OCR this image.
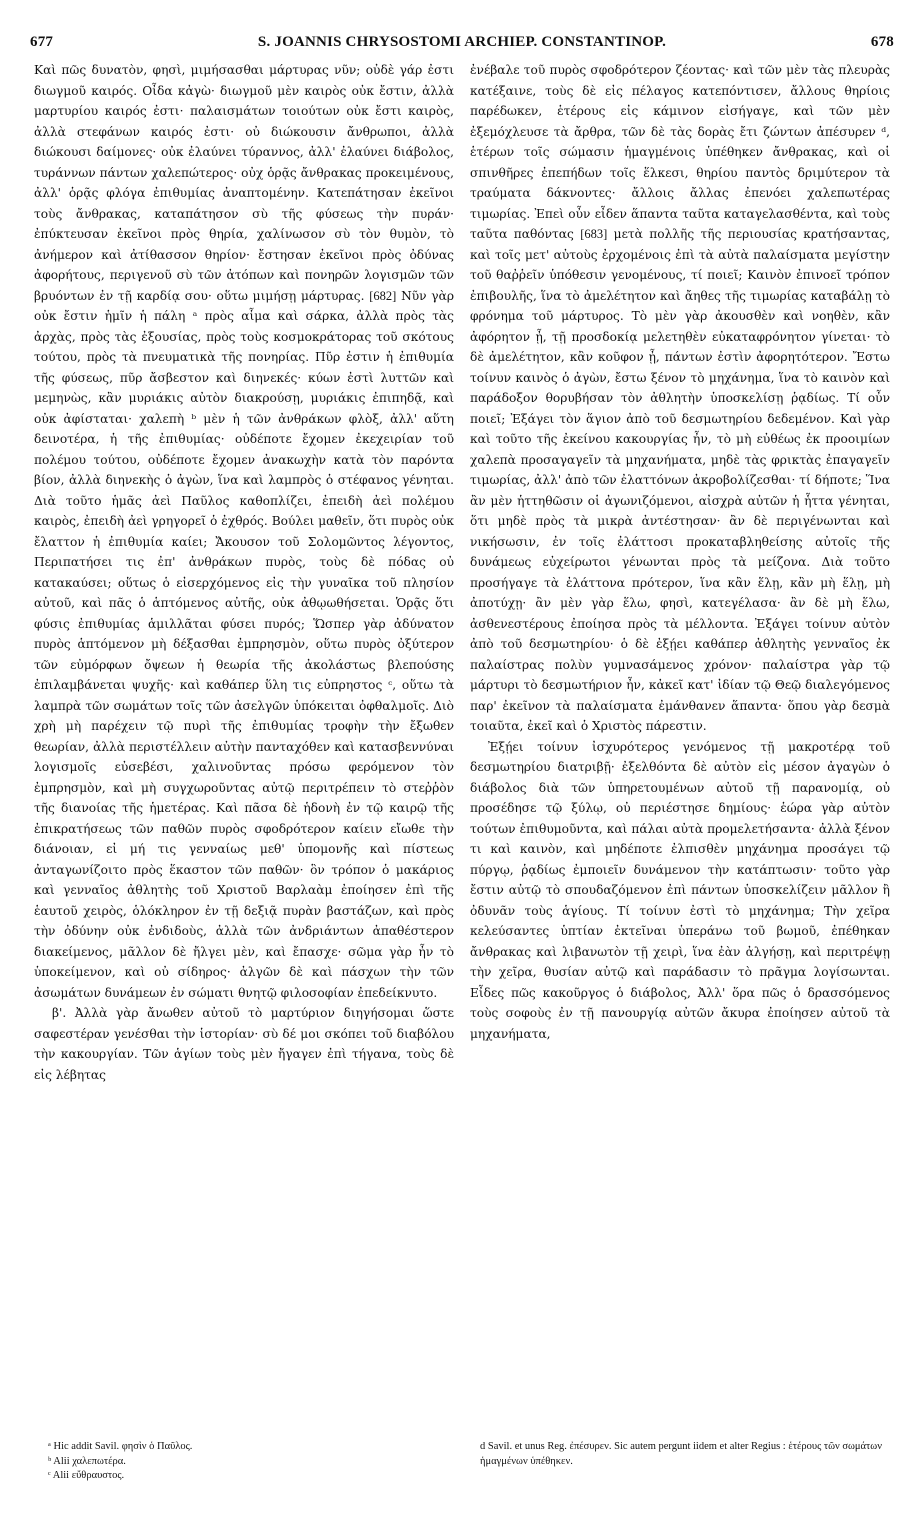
677	S. JOANNIS CHRYSOSTOMI ARCHIEP. CONSTANTINOP.	678

Καὶ πῶς δυνατὸν, φησὶ, μιμήσασθαι μάρτυρας νῦν; οὐδὲ γάρ ἐστι διωγμοῦ καιρός. Οἶδα κἀγὼ· διωγμοῦ μὲν καιρὸς οὐκ ἔστιν, ἀλλὰ μαρτυρίου καιρός ἐστι· παλαισμάτων τοιούτων οὐκ ἔστι καιρὸς, ἀλλὰ στεφάνων καιρός ἐστι· οὐ διώκουσιν ἄνθρωποι, ἀλλὰ διώκουσι δαίμονες· οὐκ ἐλαύνει τύραννος, ἀλλ' ἐλαύνει διάβολος, τυράννων πάντων χαλεπώτερος· οὐχ ὁρᾷς ἄνθρακας προκειμένους, ἀλλ' ὁρᾷς φλόγα ἐπιθυμίας ἀναπτομένην. Κατεπάτησαν ἐκεῖνοι τοὺς ἄνθρακας, καταπάτησον σὺ τῆς φύσεως τὴν πυράν· ἐπύκτευσαν ἐκεῖνοι πρὸς θηρία, χαλίνωσον σὺ τὸν θυμὸν, τὸ ἀνήμερον καὶ ἀτίθασσον θηρίον· ἔστησαν ἐκεῖνοι πρὸς ὀδύνας ἀφορήτους, περιγενοῦ σὺ τῶν ἀτόπων καὶ πονηρῶν λογισμῶν τῶν βρυόντων ἐν τῇ καρδίᾳ σου· οὕτω μιμήσῃ μάρτυρας. [682] Νῦν γὰρ οὐκ ἔστιν ἡμῖν ἡ πάλη ᵃ πρὸς αἷμα καὶ σάρκα, ἀλλὰ πρὸς τὰς ἀρχὰς, πρὸς τὰς ἐξουσίας, πρὸς τοὺς κοσμοκράτορας τοῦ σκότους τούτου, πρὸς τὰ πνευματικὰ τῆς πονηρίας. Πῦρ ἐστιν ἡ ἐπιθυμία τῆς φύσεως, πῦρ ἄσβεστον καὶ διηνεκές· κύων ἐστὶ λυττῶν καὶ μεμηνὼς, κἂν μυριάκις αὐτὸν διακρούσῃ, μυριάκις ἐπιπηδᾷ, καὶ οὐκ ἀφίσταται· χαλεπὴ ᵇ μὲν ἡ τῶν ἀνθράκων φλὸξ, ἀλλ' αὕτη δεινοτέρα, ἡ τῆς ἐπιθυμίας· οὐδέποτε ἔχομεν ἐκεχειρίαν τοῦ πολέμου τούτου, οὐδέποτε ἔχομεν ἀνακωχὴν κατὰ τὸν παρόντα βίον, ἀλλὰ διηνεκὴς ὁ ἀγὼν, ἵνα καὶ λαμπρὸς ὁ στέφανος γένηται. Διὰ τοῦτο ἡμᾶς ἀεὶ Παῦλος καθοπλίζει, ἐπειδὴ ἀεὶ πολέμου καιρὸς, ἐπειδὴ ἀεὶ γρηγορεῖ ὁ ἐχθρός. Βούλει μαθεῖν, ὅτι πυρὸς οὐκ ἔλαττον ἡ ἐπιθυμία καίει; Ἄκουσον τοῦ Σολομῶντος λέγοντος, Περιπατήσει τις ἐπ' ἀνθράκων πυρὸς, τοὺς δὲ πόδας οὐ κατακαύσει; οὕτως ὁ εἰσερχόμενος εἰς τὴν γυναῖκα τοῦ πλησίον αὐτοῦ, καὶ πᾶς ὁ ἁπτόμενος αὐτῆς, οὐκ ἀθῳωθήσεται. Ὁρᾷς ὅτι φύσις ἐπιθυμίας ἁμιλλᾶται φύσει πυρός; Ὥσπερ γὰρ ἀδύνατον πυρὸς ἁπτόμενον μὴ δέξασθαι ἐμπρησμὸν, οὕτω πυρὸς ὀξύτερον τῶν εὐμόρφων ὄψεων ἡ θεωρία τῆς ἀκολάστως βλεπούσης ἐπιλαμβάνεται ψυχῆς· καὶ καθάπερ ὕλη τις εὐπρηστος ᶜ, οὕτω τὰ λαμπρὰ τῶν σωμάτων τοῖς τῶν ἀσελγῶν ὑπόκειται ὀφθαλμοῖς. Διὸ χρὴ μὴ παρέχειν τῷ πυρὶ τῆς ἐπιθυμίας τροφὴν τὴν ἔξωθεν θεωρίαν, ἀλλὰ περιστέλλειν αὐτὴν πανταχόθεν καὶ κατασβεννύναι λογισμοῖς εὐσεβέσι, χαλινοῦντας πρόσω φερόμενον τὸν ἐμπρησμὸν, καὶ μὴ συγχωροῦντας αὐτῷ περιτρέπειν τὸ στεῤῥὸν τῆς διανοίας τῆς ἡμετέρας. Καὶ πᾶσα δὲ ἡδονὴ ἐν τῷ καιρῷ τῆς ἐπικρατήσεως τῶν παθῶν πυρὸς σφοδρότερον καίειν εἴωθε τὴν διάνοιαν, εἰ μή τις γενναίως μεθ' ὑπομονῆς καὶ πίστεως ἀνταγωνίζοιτο πρὸς ἕκαστον τῶν παθῶν· ὃν τρόπον ὁ μακάριος καὶ γενναῖος ἀθλητὴς τοῦ Χριστοῦ Βαρλαὰμ ἐποίησεν ἐπὶ τῆς ἑαυτοῦ χειρὸς, ὁλόκληρον ἐν τῇ δεξιᾷ πυρὰν βαστάζων, καὶ πρὸς τὴν ὀδύνην οὐκ ἐνδιδοὺς, ἀλλὰ τῶν ἀνδριάντων ἀπαθέστερον διακείμενος, μᾶλλον δὲ ἤλγει μὲν, καὶ ἔπασχε· σῶμα γὰρ ἦν τὸ ὑποκείμενον, καὶ οὐ σίδηρος· ἀλγῶν δὲ καὶ πάσχων τὴν τῶν ἀσωμάτων δυνάμεων ἐν σώματι θνητῷ φιλοσοφίαν ἐπεδείκνυτο.

β'. Ἀλλὰ γὰρ ἄνωθεν αὐτοῦ τὸ μαρτύριον διηγήσομαι ὥστε σαφεστέραν γενέσθαι τὴν ἱστορίαν· σὺ δέ μοι σκόπει τοῦ διαβόλου τὴν κακουργίαν. Τῶν ἁγίων τοὺς μὲν ἤγαγεν ἐπὶ τήγανα, τοὺς δὲ εἰς λέβητας

ἐνέβαλε τοῦ πυρὸς σφοδρότερον ζέοντας· καὶ τῶν μὲν τὰς πλευρὰς κατέξαινε, τοὺς δὲ εἰς πέλαγος κατεπόντισεν, ἄλλους θηρίοις παρέδωκεν, ἑτέρους εἰς κάμινον εἰσήγαγε, καὶ τῶν μὲν ἐξεμόχλευσε τὰ ἄρθρα, τῶν δὲ τὰς δορὰς ἔτι ζώντων ἀπέσυρεν ᵈ, ἑτέρων τοῖς σώμασιν ἡμαγμένοις ὑπέθηκεν ἄνθρακας, καὶ οἱ σπινθῆρες ἐπεπήδων τοῖς ἕλκεσι, θηρίου παντὸς δριμύτερον τὰ τραύματα δάκνοντες· ἄλλοις ἄλλας ἐπενόει χαλεπωτέρας τιμωρίας. Ἐπεὶ οὖν εἶδεν ἅπαντα ταῦτα καταγελασθέντα, καὶ τοὺς ταῦτα παθόντας [683] μετὰ πολλῆς τῆς περιουσίας κρατήσαντας, καὶ τοῖς μετ' αὐτοὺς ἐρχομένοις ἐπὶ τὰ αὐτὰ παλαίσματα μεγίστην τοῦ θαῤῥεῖν ὑπόθεσιν γενομένους, τί ποιεῖ; Καινὸν ἐπινοεῖ τρόπον ἐπιβουλῆς, ἵνα τὸ ἀμελέτητον καὶ ἄηθες τῆς τιμωρίας καταβάλῃ τὸ φρόνημα τοῦ μάρτυρος. Τὸ μὲν γὰρ ἀκουσθὲν καὶ νοηθὲν, κἂν ἀφόρητον ᾖ, τῇ προσδοκίᾳ μελετηθὲν εὐκαταφρόνητον γίνεται· τὸ δὲ ἀμελέτητον, κἂν κοῦφον ᾖ, πάντων ἐστὶν ἀφορητότερον. Ἔστω τοίνυν καινὸς ὁ ἀγὼν, ἔστω ξένον τὸ μηχάνημα, ἵνα τὸ καινὸν καὶ παράδοξον θορυβήσαν τὸν ἀθλητὴν ὑποσκελίσῃ ῥᾳδίως. Τί οὖν ποιεῖ; Ἐξάγει τὸν ἅγιον ἀπὸ τοῦ δεσμωτηρίου δεδεμένον. Καὶ γὰρ καὶ τοῦτο τῆς ἐκείνου κακουργίας ἦν, τὸ μὴ εὐθέως ἐκ προοιμίων χαλεπὰ προσαγαγεῖν τὰ μηχανήματα, μηδὲ τὰς φρικτὰς ἐπαγαγεῖν τιμωρίας, ἀλλ' ἀπὸ τῶν ἐλαττόνων ἀκροβολίζεσθαι· τί δήποτε; Ἵνα ἂν μὲν ἡττηθῶσιν οἱ ἀγωνιζόμενοι, αἰσχρὰ αὐτῶν ἡ ἧττα γένηται, ὅτι μηδὲ πρὸς τὰ μικρὰ ἀντέστησαν· ἂν δὲ περιγένωνται καὶ νικήσωσιν, ἐν τοῖς ἐλάττοσι προκαταβληθείσης αὐτοῖς τῆς δυνάμεως εὐχείρωτοι γένωνται πρὸς τὰ μείζονα. Διὰ τοῦτο προσήγαγε τὰ ἐλάττονα πρότερον, ἵνα κἂν ἕλῃ, κἂν μὴ ἕλῃ, μὴ ἀποτύχῃ· ἂν μὲν γὰρ ἕλω, φησὶ, κατεγέλασα· ἂν δὲ μὴ ἕλω, ἀσθενεστέρους ἐποίησα πρὸς τὰ μέλλοντα. Ἐξάγει τοίνυν αὐτὸν ἀπὸ τοῦ δεσμωτηρίου· ὁ δὲ ἐξῄει καθάπερ ἀθλητὴς γενναῖος ἐκ παλαίστρας πολὺν γυμνασάμενος χρόνον· παλαίστρα γὰρ τῷ μάρτυρι τὸ δεσμωτήριον ἦν, κἀκεῖ κατ' ἰδίαν τῷ Θεῷ διαλεγόμενος παρ' ἐκεῖνον τὰ παλαίσματα ἐμάνθανεν ἅπαντα· ὅπου γὰρ δεσμὰ τοιαῦτα, ἐκεῖ καὶ ὁ Χριστὸς πάρεστιν.

Ἐξῄει τοίνυν ἰσχυρότερος γενόμενος τῇ μακροτέρᾳ τοῦ δεσμωτηρίου διατριβῇ· ἐξελθόντα δὲ αὐτὸν εἰς μέσον ἀγαγὼν ὁ διάβολος διὰ τῶν ὑπηρετουμένων αὐτοῦ τῇ παρανομίᾳ, οὐ προσέδησε τῷ ξύλῳ, οὐ περιέστησε δημίους· ἑώρα γὰρ αὐτὸν τούτων ἐπιθυμοῦντα, καὶ πάλαι αὐτὰ προμελετήσαντα· ἀλλὰ ξένον τι καὶ καινὸν, καὶ μηδέποτε ἐλπισθὲν μηχάνημα προσάγει τῷ πύργῳ, ῥᾳδίως ἐμποιεῖν δυνάμενον τὴν κατάπτωσιν· τοῦτο γὰρ ἔστιν αὐτῷ τὸ σπουδαζόμενον ἐπὶ πάντων ὑποσκελίζειν μᾶλλον ἢ ὀδυνᾶν τοὺς ἁγίους. Τί τοίνυν ἐστὶ τὸ μηχάνημα; Τὴν χεῖρα κελεύσαντες ὑπτίαν ἐκτεῖναι ὑπεράνω τοῦ βωμοῦ, ἐπέθηκαν ἄνθρακας καὶ λιβανωτὸν τῇ χειρὶ, ἵνα ἐὰν ἀλγήσῃ, καὶ περιτρέψῃ τὴν χεῖρα, θυσίαν αὐτῷ καὶ παράδασιν τὸ πρᾶγμα λογίσωνται. Εἶδες πῶς κακοῦργος ὁ διάβολος, Ἀλλ' ὅρα πῶς ὁ δρασσόμενος τοὺς σοφοὺς ἐν τῇ πανουργίᾳ αὐτῶν ἄκυρα ἐποίησεν αὐτοῦ τὰ μηχανήματα,

ᵃ Hic addit Savil. φησὶν ὁ Παῦλος.
ᵇ Alii χαλεπωτέρα.
ᶜ Alii εὔθραυστος.
d Savil. et unus Reg. ἐπέσυρεν. Sic autem pergunt iidem et alter Regius : ἑτέρους τῶν σωμάτων ἡμαγμένων ὑπέθηκεν.
